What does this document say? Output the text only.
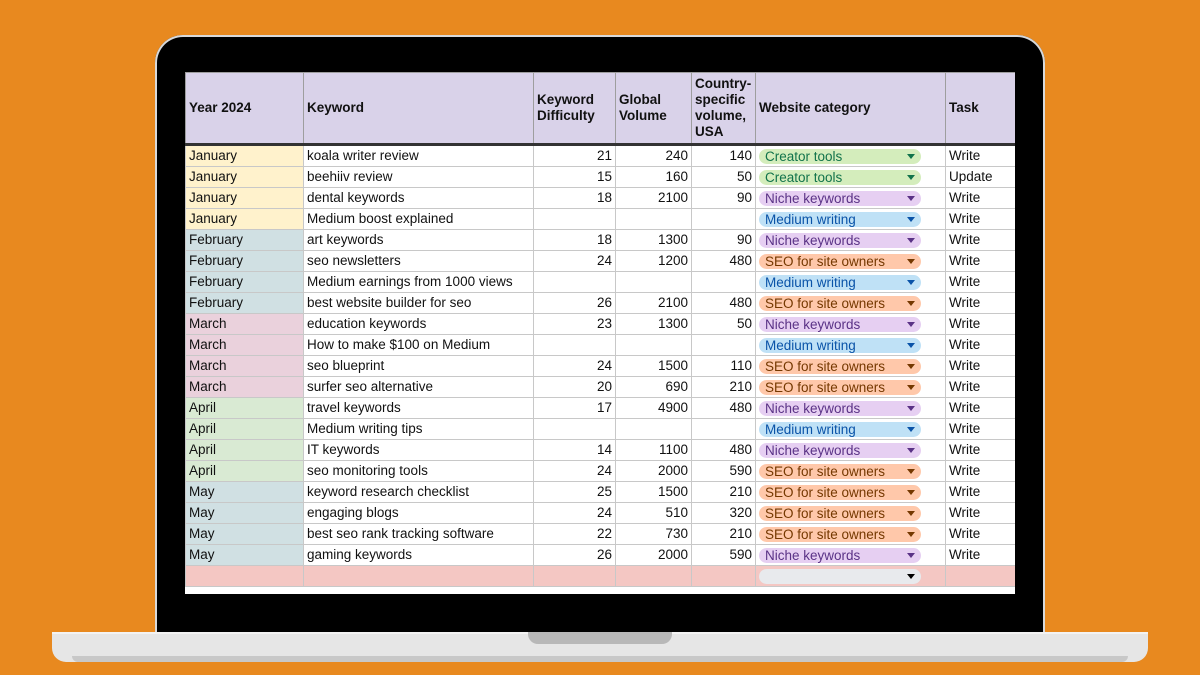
Year 2024	Keyword	Keyword Difficulty	Global Volume	Country-specific volume, USA	Website category	Task
January	koala writer review	21	240	140	Creator tools	Write
January	beehiiv review	15	160	50	Creator tools	Update
January	dental keywords	18	2100	90	Niche keywords	Write
January	Medium boost explained				Medium writing	Write
February	art keywords	18	1300	90	Niche keywords	Write
February	seo newsletters	24	1200	480	SEO for site owners	Write
February	Medium earnings from 1000 views				Medium writing	Write
February	best website builder for seo	26	2100	480	SEO for site owners	Write
March	education keywords	23	1300	50	Niche keywords	Write
March	How to make $100 on Medium				Medium writing	Write
March	seo blueprint	24	1500	110	SEO for site owners	Write
March	surfer seo alternative	20	690	210	SEO for site owners	Write
April	travel keywords	17	4900	480	Niche keywords	Write
April	Medium writing tips				Medium writing	Write
April	IT keywords	14	1100	480	Niche keywords	Write
April	seo monitoring tools	24	2000	590	SEO for site owners	Write
May	keyword research checklist	25	1500	210	SEO for site owners	Write
May	engaging blogs	24	510	320	SEO for site owners	Write
May	best seo rank tracking software	22	730	210	SEO for site owners	Write
May	gaming keywords	26	2000	590	Niche keywords	Write
